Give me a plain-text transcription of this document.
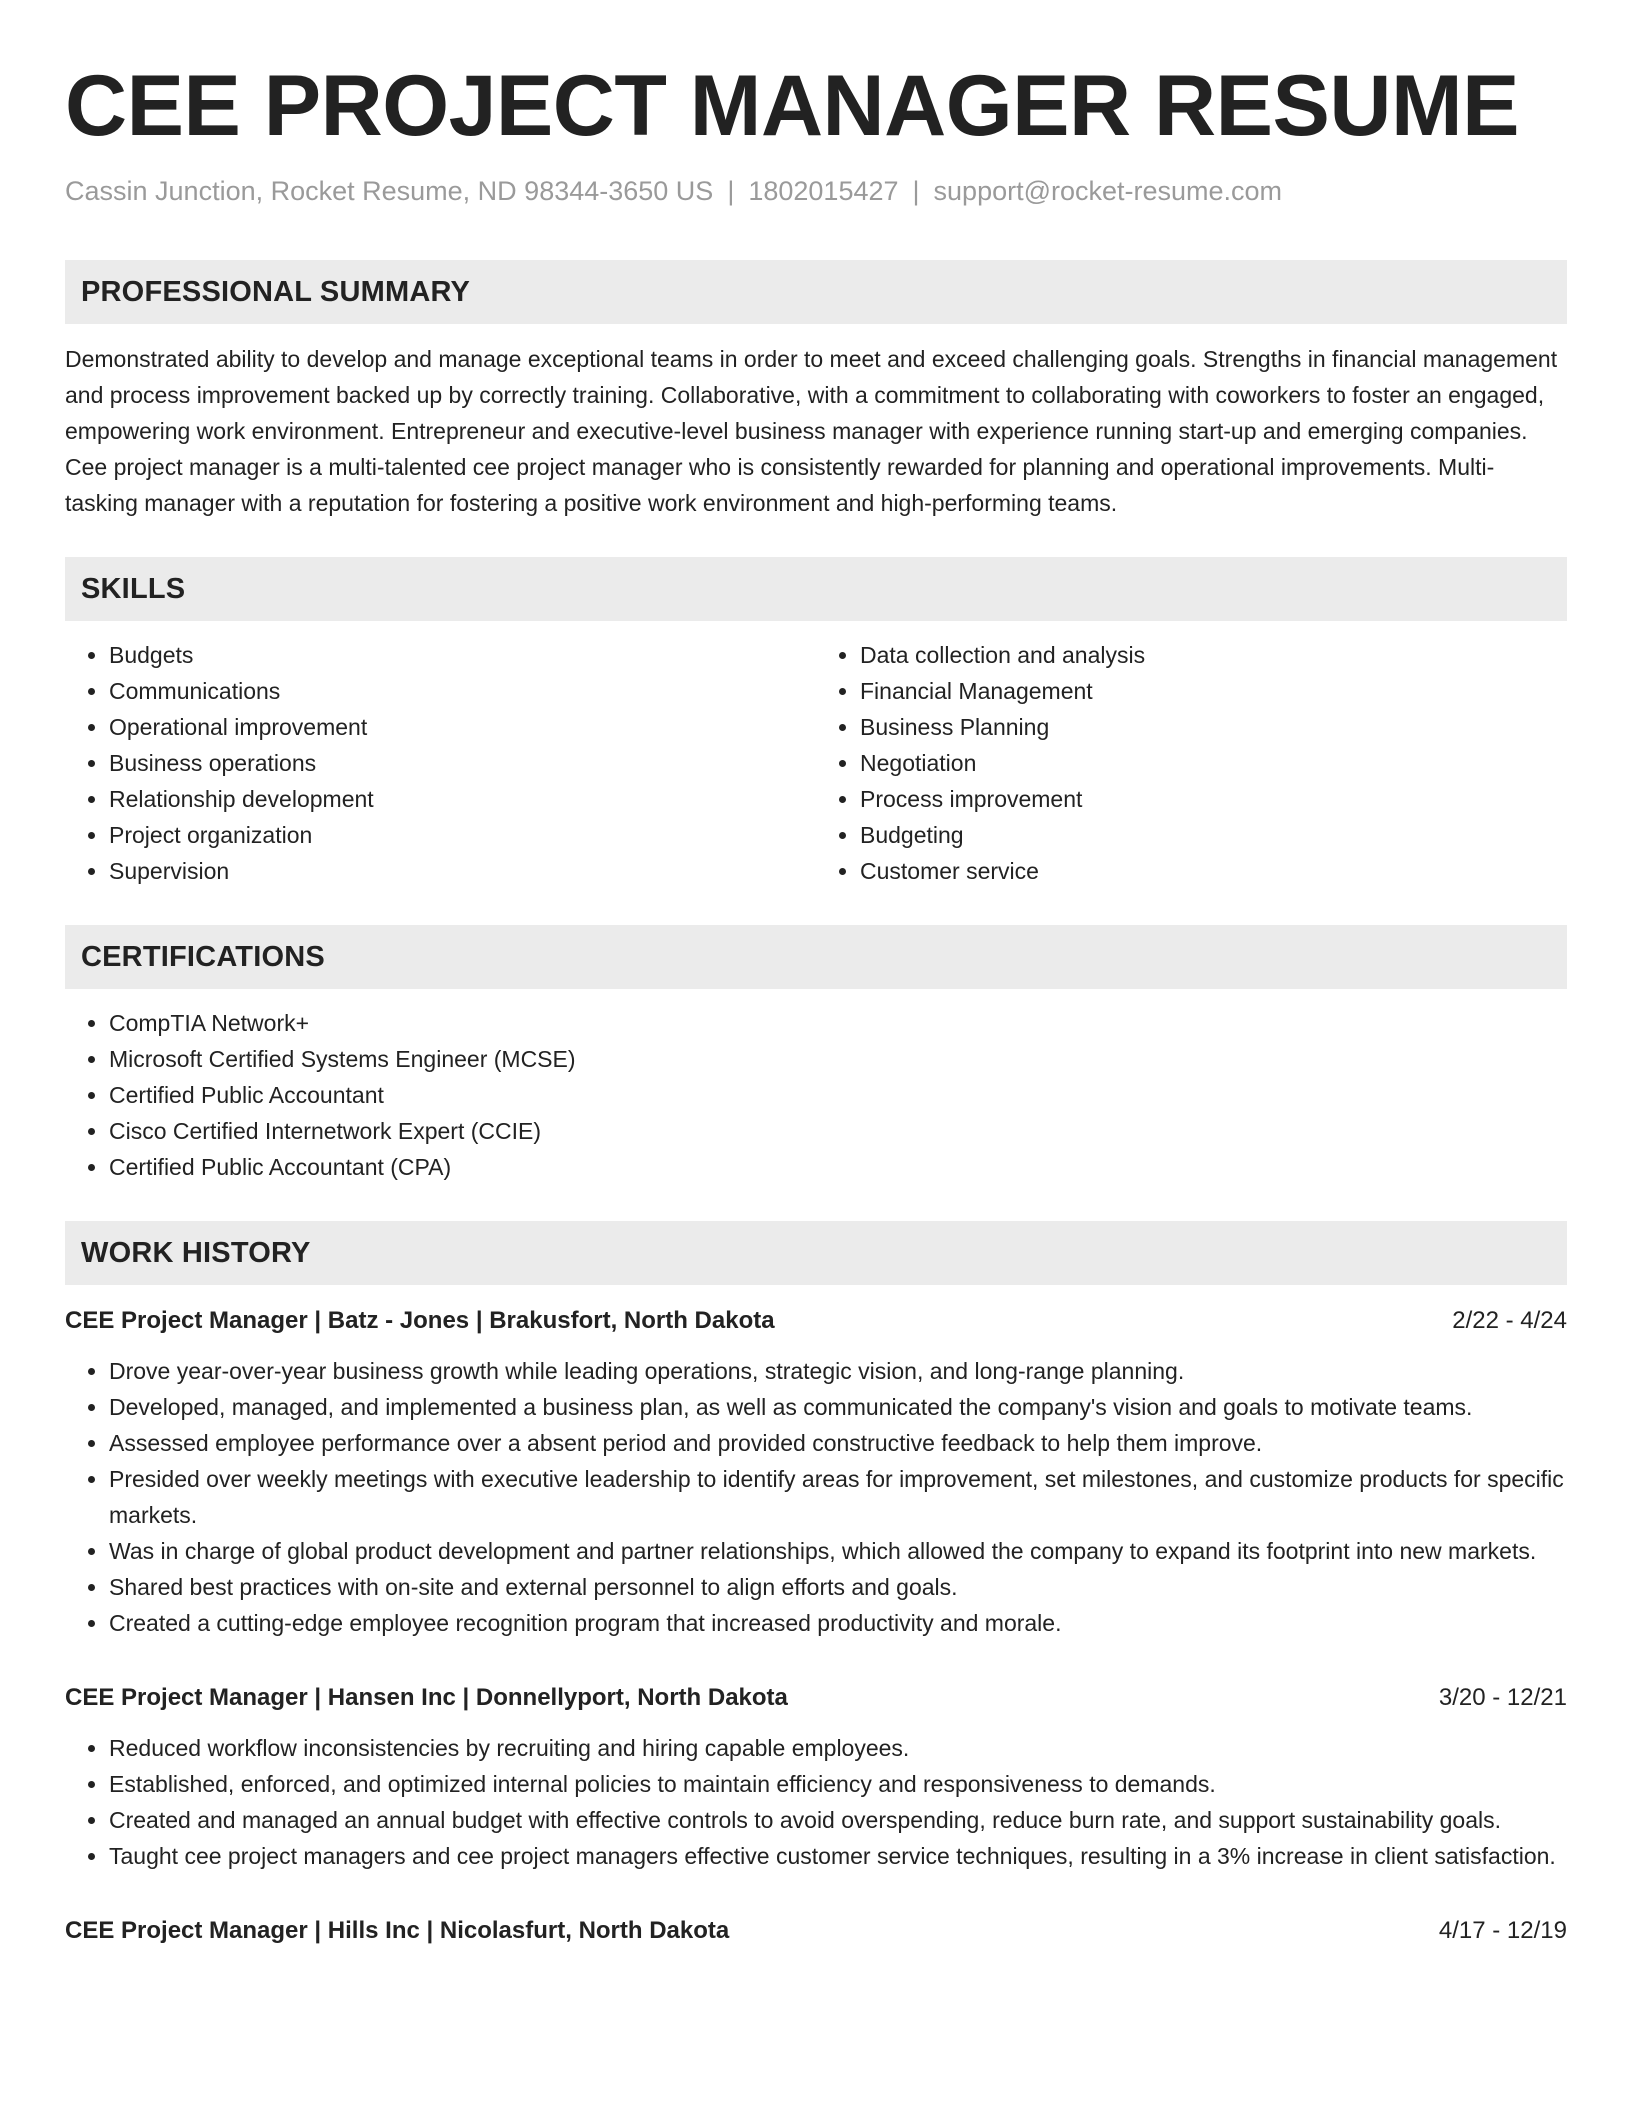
CEE PROJECT MANAGER RESUME
Cassin Junction, Rocket Resume, ND 98344-3650 US | 1802015427 | support@rocket-resume.com
PROFESSIONAL SUMMARY

Demonstrated ability to develop and manage exceptional teams in order to meet and exceed challenging goals. Strengths in financial management and process improvement backed up by correctly training. Collaborative, with a commitment to collaborating with coworkers to foster an engaged, empowering work environment. Entrepreneur and executive-level business manager with experience running start-up and emerging companies. Cee project manager is a multi-talented cee project manager who is consistently rewarded for planning and operational improvements. Multi-tasking manager with a reputation for fostering a positive work environment and high-performing teams.

SKILLS
• Budgets
• Communications
• Operational improvement
• Business operations
• Relationship development
• Project organization
• Supervision
• Data collection and analysis
• Financial Management
• Business Planning
• Negotiation
• Process improvement
• Budgeting
• Customer service
CERTIFICATIONS
• CompTIA Network+
• Microsoft Certified Systems Engineer (MCSE)
• Certified Public Accountant
• Cisco Certified Internetwork Expert (CCIE)
• Certified Public Accountant (CPA)
WORK HISTORY
CEE Project Manager | Batz - Jones | Brakusfort, North Dakota	2/22 - 4/24
• Drove year-over-year business growth while leading operations, strategic vision, and long-range planning.
• Developed, managed, and implemented a business plan, as well as communicated the company's vision and goals to motivate teams.
• Assessed employee performance over a absent period and provided constructive feedback to help them improve.
• Presided over weekly meetings with executive leadership to identify areas for improvement, set milestones, and customize products for specific markets.
• Was in charge of global product development and partner relationships, which allowed the company to expand its footprint into new markets.
• Shared best practices with on-site and external personnel to align efforts and goals.
• Created a cutting-edge employee recognition program that increased productivity and morale.
CEE Project Manager | Hansen Inc | Donnellyport, North Dakota	3/20 - 12/21
• Reduced workflow inconsistencies by recruiting and hiring capable employees.
• Established, enforced, and optimized internal policies to maintain efficiency and responsiveness to demands.
• Created and managed an annual budget with effective controls to avoid overspending, reduce burn rate, and support sustainability goals.
• Taught cee project managers and cee project managers effective customer service techniques, resulting in a 3% increase in client satisfaction.
CEE Project Manager | Hills Inc | Nicolasfurt, North Dakota	4/17 - 12/19
